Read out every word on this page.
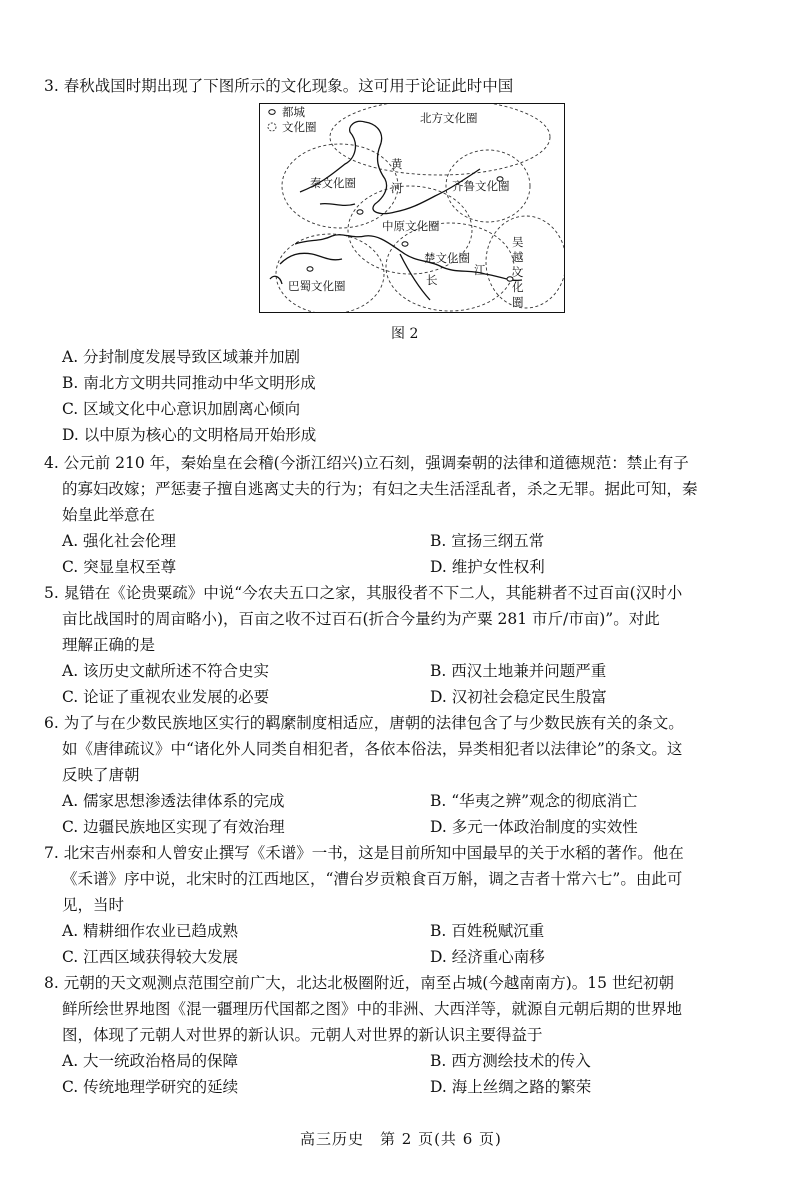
3. 春秋战国时期出现了下图所示的文化现象。这可用于论证此时中国
都城
文化圈
北方文化圈
秦文化圈
黄
河	齐鲁文化圈
中原文化圈
楚文化圈
江
长
吴
越
文
化
圈
巴蜀文化圈
图 2
A. 分封制度发展导致区域兼并加剧
B. 南北方文明共同推动中华文明形成
C. 区域文化中心意识加剧离心倾向
D. 以中原为核心的文明格局开始形成
4. 公元前 210 年，秦始皇在会稽(今浙江绍兴)立石刻，强调秦朝的法律和道德规范：禁止有子
的寡妇改嫁；严惩妻子擅自逃离丈夫的行为；有妇之夫生活淫乱者，杀之无罪。据此可知，秦
始皇此举意在
A. 强化社会伦理	B. 宣扬三纲五常
C. 突显皇权至尊	D. 维护女性权利
5. 晁错在《论贵粟疏》中说“今农夫五口之家，其服役者不下二人，其能耕者不过百亩(汉时小
亩比战国时的周亩略小)，百亩之收不过百石(折合今量约为产粟 281 市斤/市亩)”。对此
理解正确的是
A. 该历史文献所述不符合史实	B. 西汉土地兼并问题严重
C. 论证了重视农业发展的必要	D. 汉初社会稳定民生殷富
6. 为了与在少数民族地区实行的羁縻制度相适应，唐朝的法律包含了与少数民族有关的条文。
如《唐律疏议》中“诸化外人同类自相犯者，各依本俗法，异类相犯者以法律论”的条文。这
反映了唐朝
A. 儒家思想渗透法律体系的完成	B. “华夷之辨”观念的彻底消亡
C. 边疆民族地区实现了有效治理	D. 多元一体政治制度的实效性
7. 北宋吉州泰和人曾安止撰写《禾谱》一书，这是目前所知中国最早的关于水稻的著作。他在
《禾谱》序中说，北宋时的江西地区，“漕台岁贡粮食百万斛，调之吉者十常六七”。由此可
见，当时
A. 精耕细作农业已趋成熟	B. 百姓税赋沉重
C. 江西区域获得较大发展	D. 经济重心南移
8. 元朝的天文观测点范围空前广大，北达北极圈附近，南至占城(今越南南方)。15 世纪初朝
鲜所绘世界地图《混一疆理历代国都之图》中的非洲、大西洋等，就源自元朝后期的世界地
图，体现了元朝人对世界的新认识。元朝人对世界的新认识主要得益于
A. 大一统政治格局的保障	B. 西方测绘技术的传入
C. 传统地理学研究的延续	D. 海上丝绸之路的繁荣
高三历史　第 2 页(共 6 页)
